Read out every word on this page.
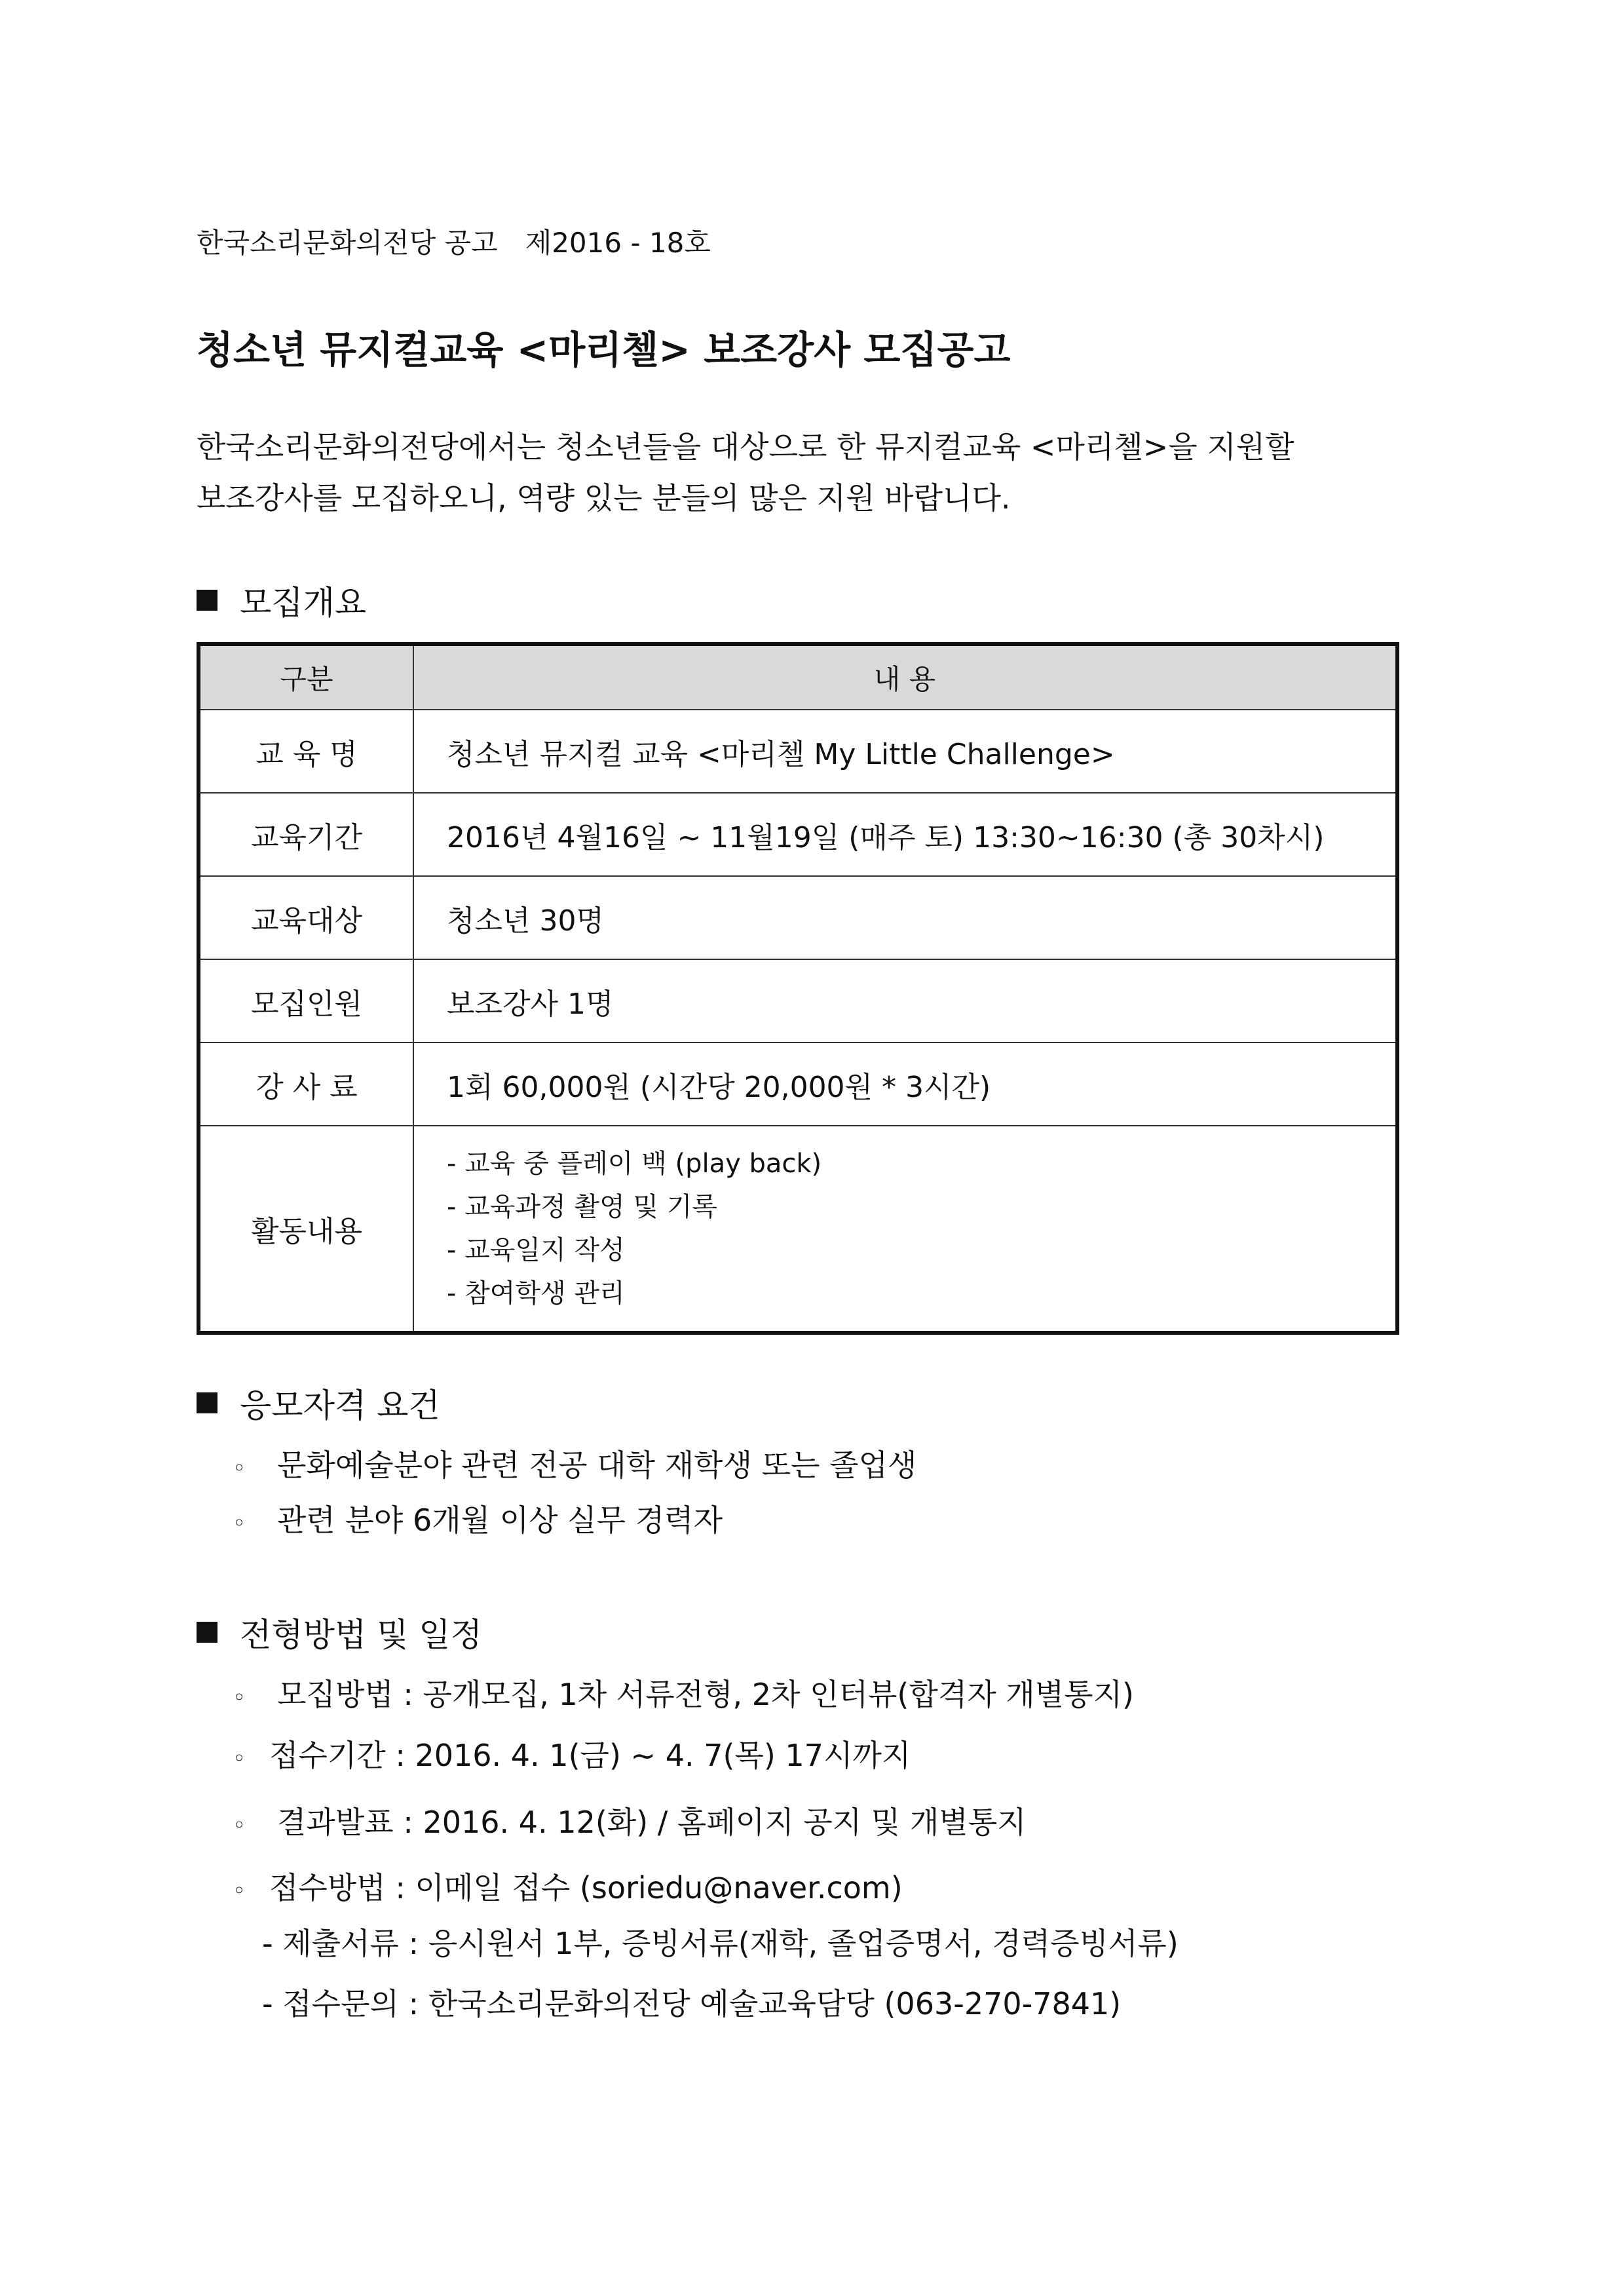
한국소리문화의전당 공고　제2016 - 18호
청소년 뮤지컬교육 <마리첼> 보조강사 모집공고
한국소리문화의전당에서는 청소년들을 대상으로 한 뮤지컬교육 <마리첼>을 지원할
보조강사를 모집하오니, 역량 있는 분들의 많은 지원 바랍니다.
모집개요
구분	내 용
교 육 명	청소년 뮤지컬 교육 <마리첼 My Little Challenge>
교육기간	2016년 4월16일 ~ 11월19일 (매주 토) 13:30~16:30 (총 30차시)
교육대상	청소년 30명
모집인원	보조강사 1명
강 사 료	1회 60,000원 (시간당 20,000원 * 3시간)
활동내용	- 교육 중 플레이 백 (play back)
- 교육과정 촬영 및 기록
- 교육일지 작성
- 참여학생 관리
응모자격 요건
◦ 문화예술분야 관련 전공 대학 재학생 또는 졸업생
◦ 관련 분야 6개월 이상 실무 경력자
전형방법 및 일정
◦ 모집방법 : 공개모집, 1차 서류전형, 2차 인터뷰(합격자 개별통지)
◦ 접수기간 : 2016. 4. 1(금) ~ 4. 7(목) 17시까지
◦ 결과발표 : 2016. 4. 12(화) / 홈페이지 공지 및 개별통지
◦ 접수방법 : 이메일 접수 (soriedu@naver.com)
- 제출서류 : 응시원서 1부, 증빙서류(재학, 졸업증명서, 경력증빙서류)
- 접수문의 : 한국소리문화의전당 예술교육담당 (063-270-7841)
